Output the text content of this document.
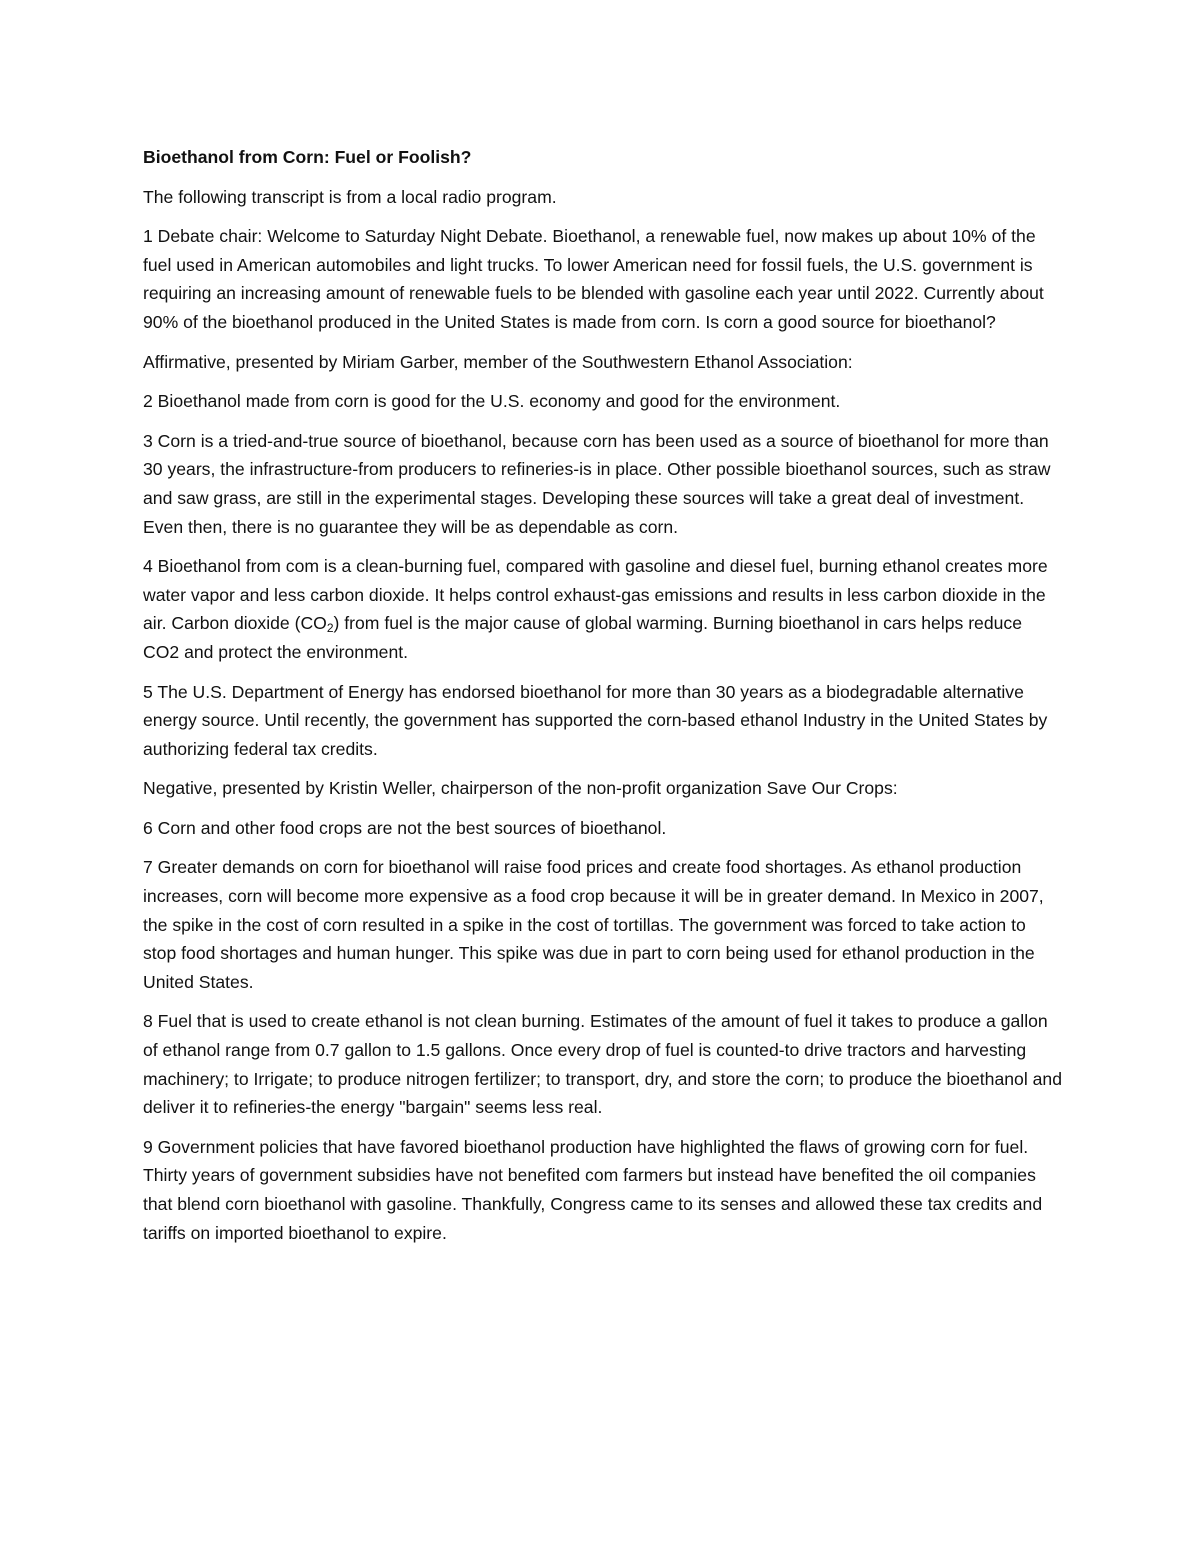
Bioethanol from Corn: Fuel or Foolish?

The following transcript is from a local radio program.

1 Debate chair: Welcome to Saturday Night Debate. Bioethanol, a renewable fuel, now makes up about 10% of the fuel used in American automobiles and light trucks. To lower American need for fossil fuels, the U.S. government is requiring an increasing amount of renewable fuels to be blended with gasoline each year until 2022. Currently about 90% of the bioethanol produced in the United States is made from corn. Is corn a good source for bioethanol?

Affirmative, presented by Miriam Garber, member of the Southwestern Ethanol Association:

2 Bioethanol made from corn is good for the U.S. economy and good for the environment.

3 Corn is a tried-and-true source of bioethanol, because corn has been used as a source of bioethanol for more than 30 years, the infrastructure-from producers to refineries-is in place. Other possible bioethanol sources, such as straw and saw grass, are still in the experimental stages. Developing these sources will take a great deal of investment. Even then, there is no guarantee they will be as dependable as corn.

4 Bioethanol from com is a clean-burning fuel, compared with gasoline and diesel fuel, burning ethanol creates more water vapor and less carbon dioxide. It helps control exhaust-gas emissions and results in less carbon dioxide in the air. Carbon dioxide $(CO_2)$ from fuel is the major cause of global warming. Burning bioethanol in cars helps reduce CO2 and protect the environment.

5 The U.S. Department of Energy has endorsed bioethanol for more than 30 years as a biodegradable alternative energy source. Until recently, the government has supported the corn-based ethanol Industry in the United States by authorizing federal tax credits.

Negative, presented by Kristin Weller, chairperson of the non-profit organization Save Our Crops:

6 Corn and other food crops are not the best sources of bioethanol.

7 Greater demands on corn for bioethanol will raise food prices and create food shortages. As ethanol production increases, corn will become more expensive as a food crop because it will be in greater demand. In Mexico in 2007, the spike in the cost of corn resulted in a spike in the cost of tortillas. The government was forced to take action to stop food shortages and human hunger. This spike was due in part to corn being used for ethanol production in the United States.

8 Fuel that is used to create ethanol is not clean burning. Estimates of the amount of fuel it takes to produce a gallon of ethanol range from 0.7 gallon to 1.5 gallons. Once every drop of fuel is counted-to drive tractors and harvesting machinery; to Irrigate; to produce nitrogen fertilizer; to transport, dry, and store the corn; to produce the bioethanol and deliver it to refineries-the energy "bargain" seems less real.

9 Government policies that have favored bioethanol production have highlighted the flaws of growing corn for fuel. Thirty years of government subsidies have not benefited com farmers but instead have benefited the oil companies that blend corn bioethanol with gasoline. Thankfully, Congress came to its senses and allowed these tax credits and tariffs on imported bioethanol to expire.
